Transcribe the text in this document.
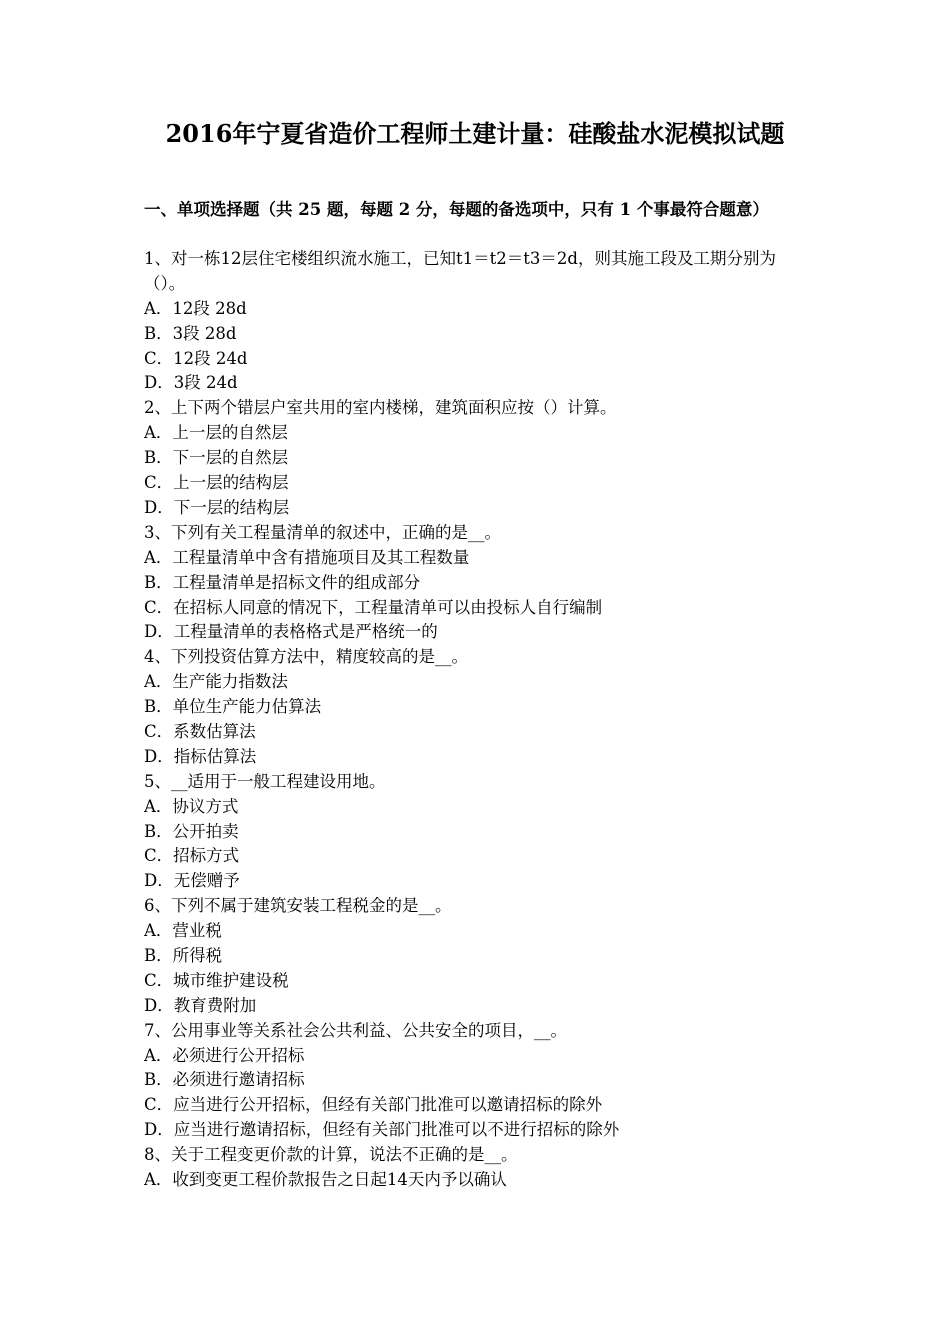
2016年宁夏省造价工程师土建计量：硅酸盐水泥模拟试题
一、单项选择题（共 25 题，每题 2 分，每题的备选项中，只有 1 个事最符合题意）
1、对一栋12层住宅楼组织流水施工，已知t1＝t2＝t3＝2d，则其施工段及工期分别为（）。
A．12段 28d
B．3段 28d
C．12段 24d
D．3段 24d
2、上下两个错层户室共用的室内楼梯，建筑面积应按（）计算。
A．上一层的自然层
B．下一层的自然层
C．上一层的结构层
D．下一层的结构层
3、下列有关工程量清单的叙述中，正确的是__。
A．工程量清单中含有措施项目及其工程数量
B．工程量清单是招标文件的组成部分
C．在招标人同意的情况下，工程量清单可以由投标人自行编制
D．工程量清单的表格格式是严格统一的
4、下列投资估算方法中，精度较高的是__。
A．生产能力指数法
B．单位生产能力估算法
C．系数估算法
D．指标估算法
5、__适用于一般工程建设用地。
A．协议方式
B．公开拍卖
C．招标方式
D．无偿赠予
6、下列不属于建筑安装工程税金的是__。
A．营业税
B．所得税
C．城市维护建设税
D．教育费附加
7、公用事业等关系社会公共利益、公共安全的项目，__。
A．必须进行公开招标
B．必须进行邀请招标
C．应当进行公开招标，但经有关部门批准可以邀请招标的除外
D．应当进行邀请招标，但经有关部门批准可以不进行招标的除外
8、关于工程变更价款的计算，说法不正确的是__。
A．收到变更工程价款报告之日起14天内予以确认
